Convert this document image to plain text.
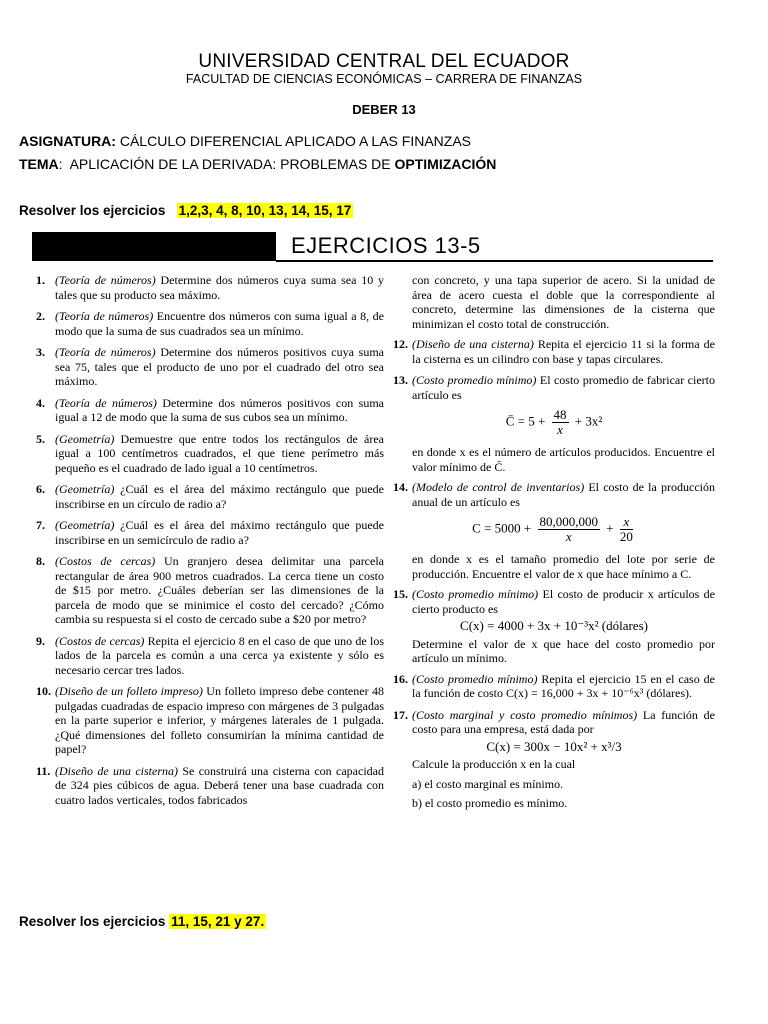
UNIVERSIDAD CENTRAL DEL ECUADOR
FACULTAD DE CIENCIAS ECONÓMICAS – CARRERA DE FINANZAS
DEBER 13
ASIGNATURA: CÁLCULO DIFERENCIAL APLICADO A LAS FINANZAS
TEMA:  APLICACIÓN DE LA DERIVADA: PROBLEMAS DE OPTIMIZACIÓN
Resolver los ejercicios 1,2,3, 4, 8, 10, 13, 14, 15, 17
EJERCICIOS 13-5
1. (Teoría de números) Determine dos números cuya suma sea 10 y tales que su producto sea máximo.
2. (Teoría de números) Encuentre dos números con suma igual a 8, de modo que la suma de sus cuadrados sea un mínimo.
3. (Teoría de números) Determine dos números positivos cuya suma sea 75, tales que el producto de uno por el cuadrado del otro sea máximo.
4. (Teoría de números) Determine dos números positivos con suma igual a 12 de modo que la suma de sus cubos sea un mínimo.
5. (Geometría) Demuestre que entre todos los rectángulos de área igual a 100 centímetros cuadrados, el que tiene perímetro más pequeño es el cuadrado de lado igual a 10 centímetros.
6. (Geometría) ¿Cuál es el área del máximo rectángulo que puede inscribirse en un círculo de radio a?
7. (Geometría) ¿Cuál es el área del máximo rectángulo que puede inscribirse en un semicírculo de radio a?
8. (Costos de cercas) Un granjero desea delimitar una parcela rectangular de área 900 metros cuadrados. La cerca tiene un costo de $15 por metro. ¿Cuáles deberían ser las dimensiones de la parcela de modo que se minimice el costo del cercado? ¿Cómo cambia su respuesta si el costo de cercado sube a $20 por metro?
9. (Costos de cercas) Repita el ejercicio 8 en el caso de que uno de los lados de la parcela es común a una cerca ya existente y sólo es necesario cercar tres lados.
10. (Diseño de un folleto impreso) Un folleto impreso debe contener 48 pulgadas cuadradas de espacio impreso con márgenes de 3 pulgadas en la parte superior e inferior, y márgenes laterales de 1 pulgada. ¿Qué dimensiones del folleto consumirían la mínima cantidad de papel?
11. (Diseño de una cisterna) Se construirá una cisterna con capacidad de 324 pies cúbicos de agua. Deberá tener una base cuadrada con cuatro lados verticales, todos fabricados
con concreto, y una tapa superior de acero. Si la unidad de área de acero cuesta el doble que la correspondiente al concreto, determine las dimensiones de la cisterna que minimizan el costo total de construcción.
12. (Diseño de una cisterna) Repita el ejercicio 11 si la forma de la cisterna es un cilindro con base y tapas circulares.
13. (Costo promedio mínimo) El costo promedio de fabricar cierto artículo es
C̄ = $5 + \frac{48}{x} + 3x^2$
en donde x es el número de artículos producidos. Encuentre el valor mínimo de C̄.
14. (Modelo de control de inventarios) El costo de la producción anual de un artículo es
$C = 5000 + \frac{80,000,000}{x} + \frac{x}{20}$
en donde x es el tamaño promedio del lote por serie de producción. Encuentre el valor de x que hace mínimo a C.
15. (Costo promedio mínimo) El costo de producir x artículos de cierto producto es
C(x) = 4000 + 3x + 10⁻³x² (dólares)
Determine el valor de x que hace del costo promedio por artículo un mínimo.
16. (Costo promedio mínimo) Repita el ejercicio 15 en el caso de la función de costo C(x) = 16,000 + 3x + 10⁻⁶x³ (dólares).
17. (Costo marginal y costo promedio mínimos) La función de costo para una empresa, está dada por
C(x) = 300x − 10x² + x³/3
Calcule la producción x en la cual
a) el costo marginal es mínimo.
b) el costo promedio es mínimo.
Resolver los ejercicios 11, 15, 21 y 27.
